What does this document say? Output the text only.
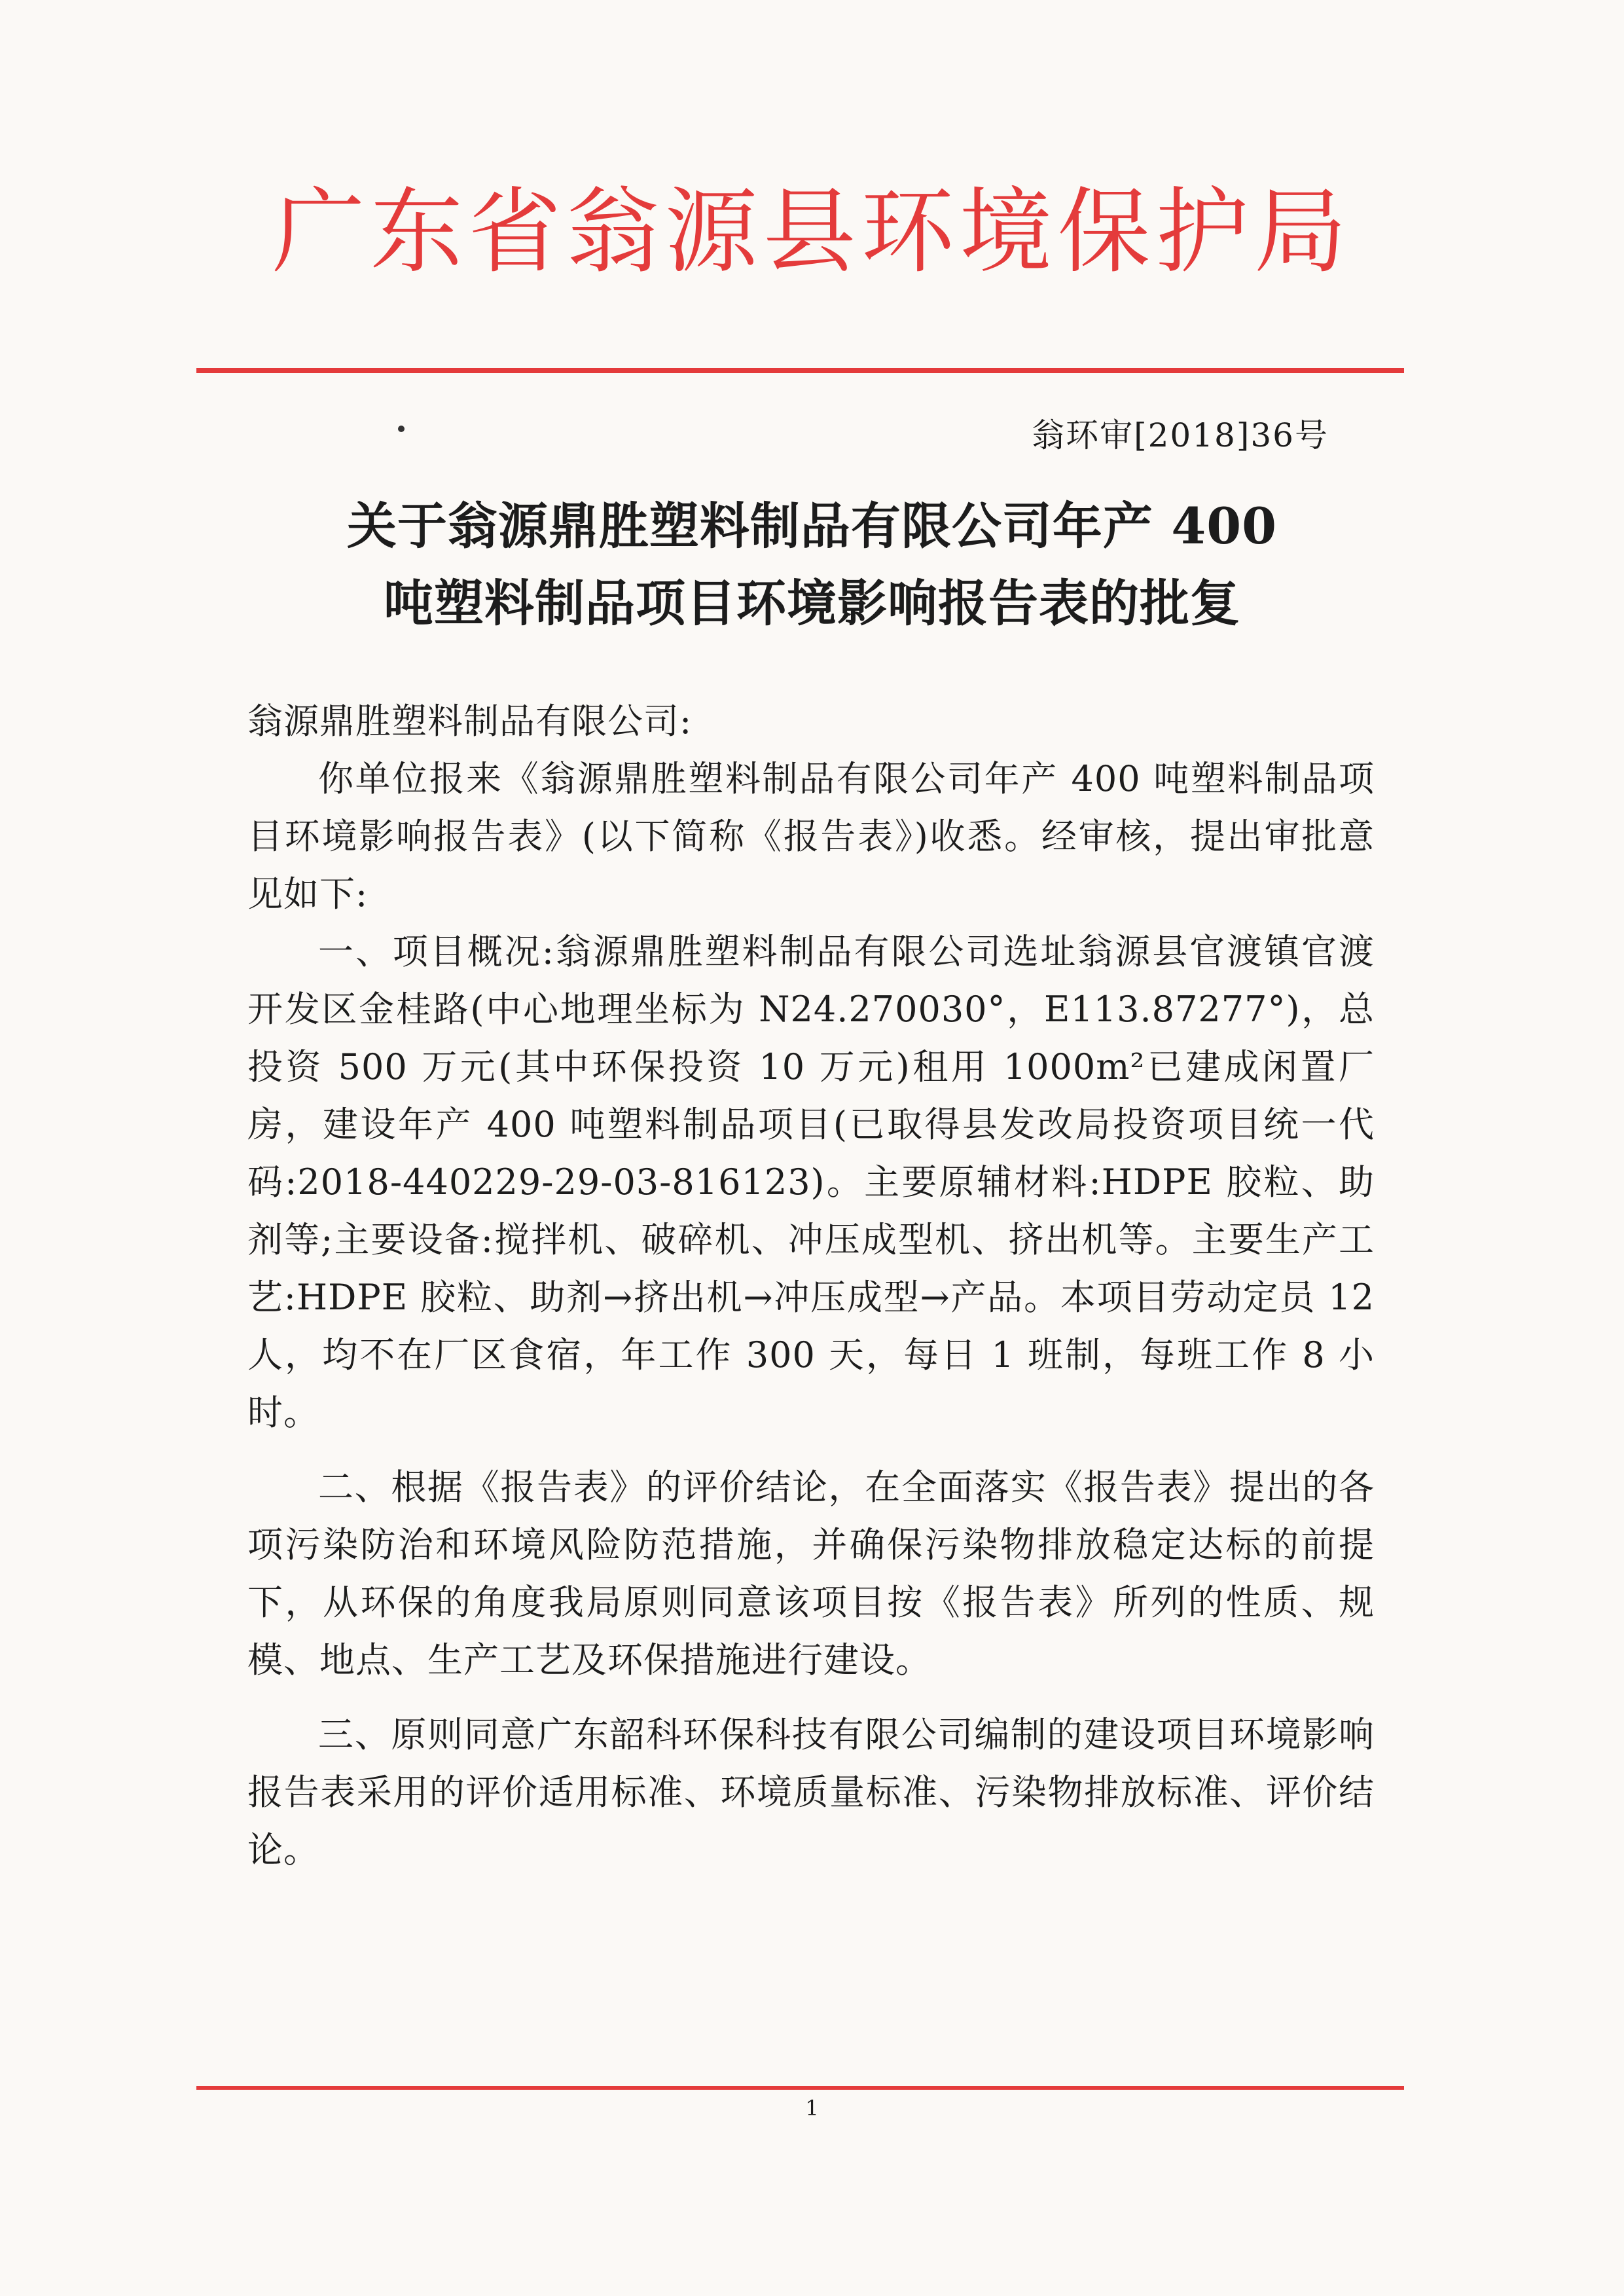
广东省翁源县环境保护局
翁环审[2018]36号
关于翁源鼎胜塑料制品有限公司年产 400
吨塑料制品项目环境影响报告表的批复

翁源鼎胜塑料制品有限公司:

你单位报来《翁源鼎胜塑料制品有限公司年产 400 吨塑料制品项目环境影响报告表》(以下简称《报告表》)收悉。经审核，提出审批意见如下:

一、项目概况:翁源鼎胜塑料制品有限公司选址翁源县官渡镇官渡开发区金桂路(中心地理坐标为 N24.270030°，E113.87277°)，总投资 500 万元(其中环保投资 10 万元)租用 1000m²已建成闲置厂房，建设年产 400 吨塑料制品项目(已取得县发改局投资项目统一代码:2018-440229-29-03-816123)。主要原辅材料:HDPE 胶粒、助剂等;主要设备:搅拌机、破碎机、冲压成型机、挤出机等。主要生产工艺:HDPE 胶粒、助剂→挤出机→冲压成型→产品。本项目劳动定员 12 人，均不在厂区食宿，年工作 300 天，每日 1 班制，每班工作 8 小时。

二、根据《报告表》的评价结论，在全面落实《报告表》提出的各项污染防治和环境风险防范措施，并确保污染物排放稳定达标的前提下，从环保的角度我局原则同意该项目按《报告表》所列的性质、规模、地点、生产工艺及环保措施进行建设。

三、原则同意广东韶科环保科技有限公司编制的建设项目环境影响报告表采用的评价适用标准、环境质量标准、污染物排放标准、评价结论。

1
